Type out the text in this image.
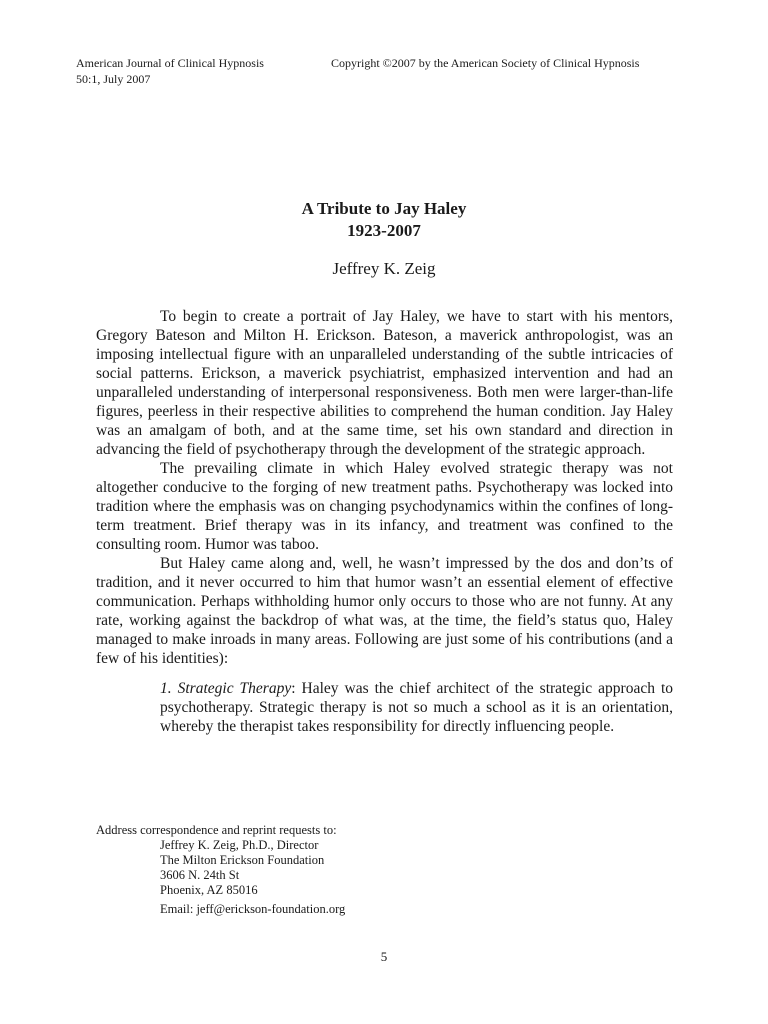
American Journal of Clinical Hypnosis	Copyright ©2007 by the American Society of Clinical Hypnosis
50:1, July 2007
A Tribute to Jay Haley
1923-2007
Jeffrey K. Zeig

To begin to create a portrait of Jay Haley, we have to start with his mentors, Gregory Bateson and Milton H. Erickson. Bateson, a maverick anthropologist, was an imposing intellectual figure with an unparalleled understanding of the subtle intricacies of social patterns. Erickson, a maverick psychiatrist, emphasized intervention and had an unparalleled understanding of interpersonal responsiveness. Both men were larger-than-life figures, peerless in their respective abilities to comprehend the human condition. Jay Haley was an amalgam of both, and at the same time, set his own standard and direction in advancing the field of psychotherapy through the development of the strategic approach.

The prevailing climate in which Haley evolved strategic therapy was not altogether conducive to the forging of new treatment paths. Psychotherapy was locked into tradition where the emphasis was on changing psychodynamics within the confines of long-term treatment. Brief therapy was in its infancy, and treatment was confined to the consulting room. Humor was taboo.

But Haley came along and, well, he wasn’t impressed by the dos and don’ts of tradition, and it never occurred to him that humor wasn’t an essential element of effective communication. Perhaps withholding humor only occurs to those who are not funny. At any rate, working against the backdrop of what was, at the time, the field’s status quo, Haley managed to make inroads in many areas. Following are just some of his contributions (and a few of his identities):

1. Strategic Therapy: Haley was the chief architect of the strategic approach to psychotherapy. Strategic therapy is not so much a school as it is an orientation, whereby the therapist takes responsibility for directly influencing people.
Address correspondence and reprint requests to:
Jeffrey K. Zeig, Ph.D., Director
The Milton Erickson Foundation
3606 N. 24th St
Phoenix, AZ 85016
Email: jeff@erickson-foundation.org
5
